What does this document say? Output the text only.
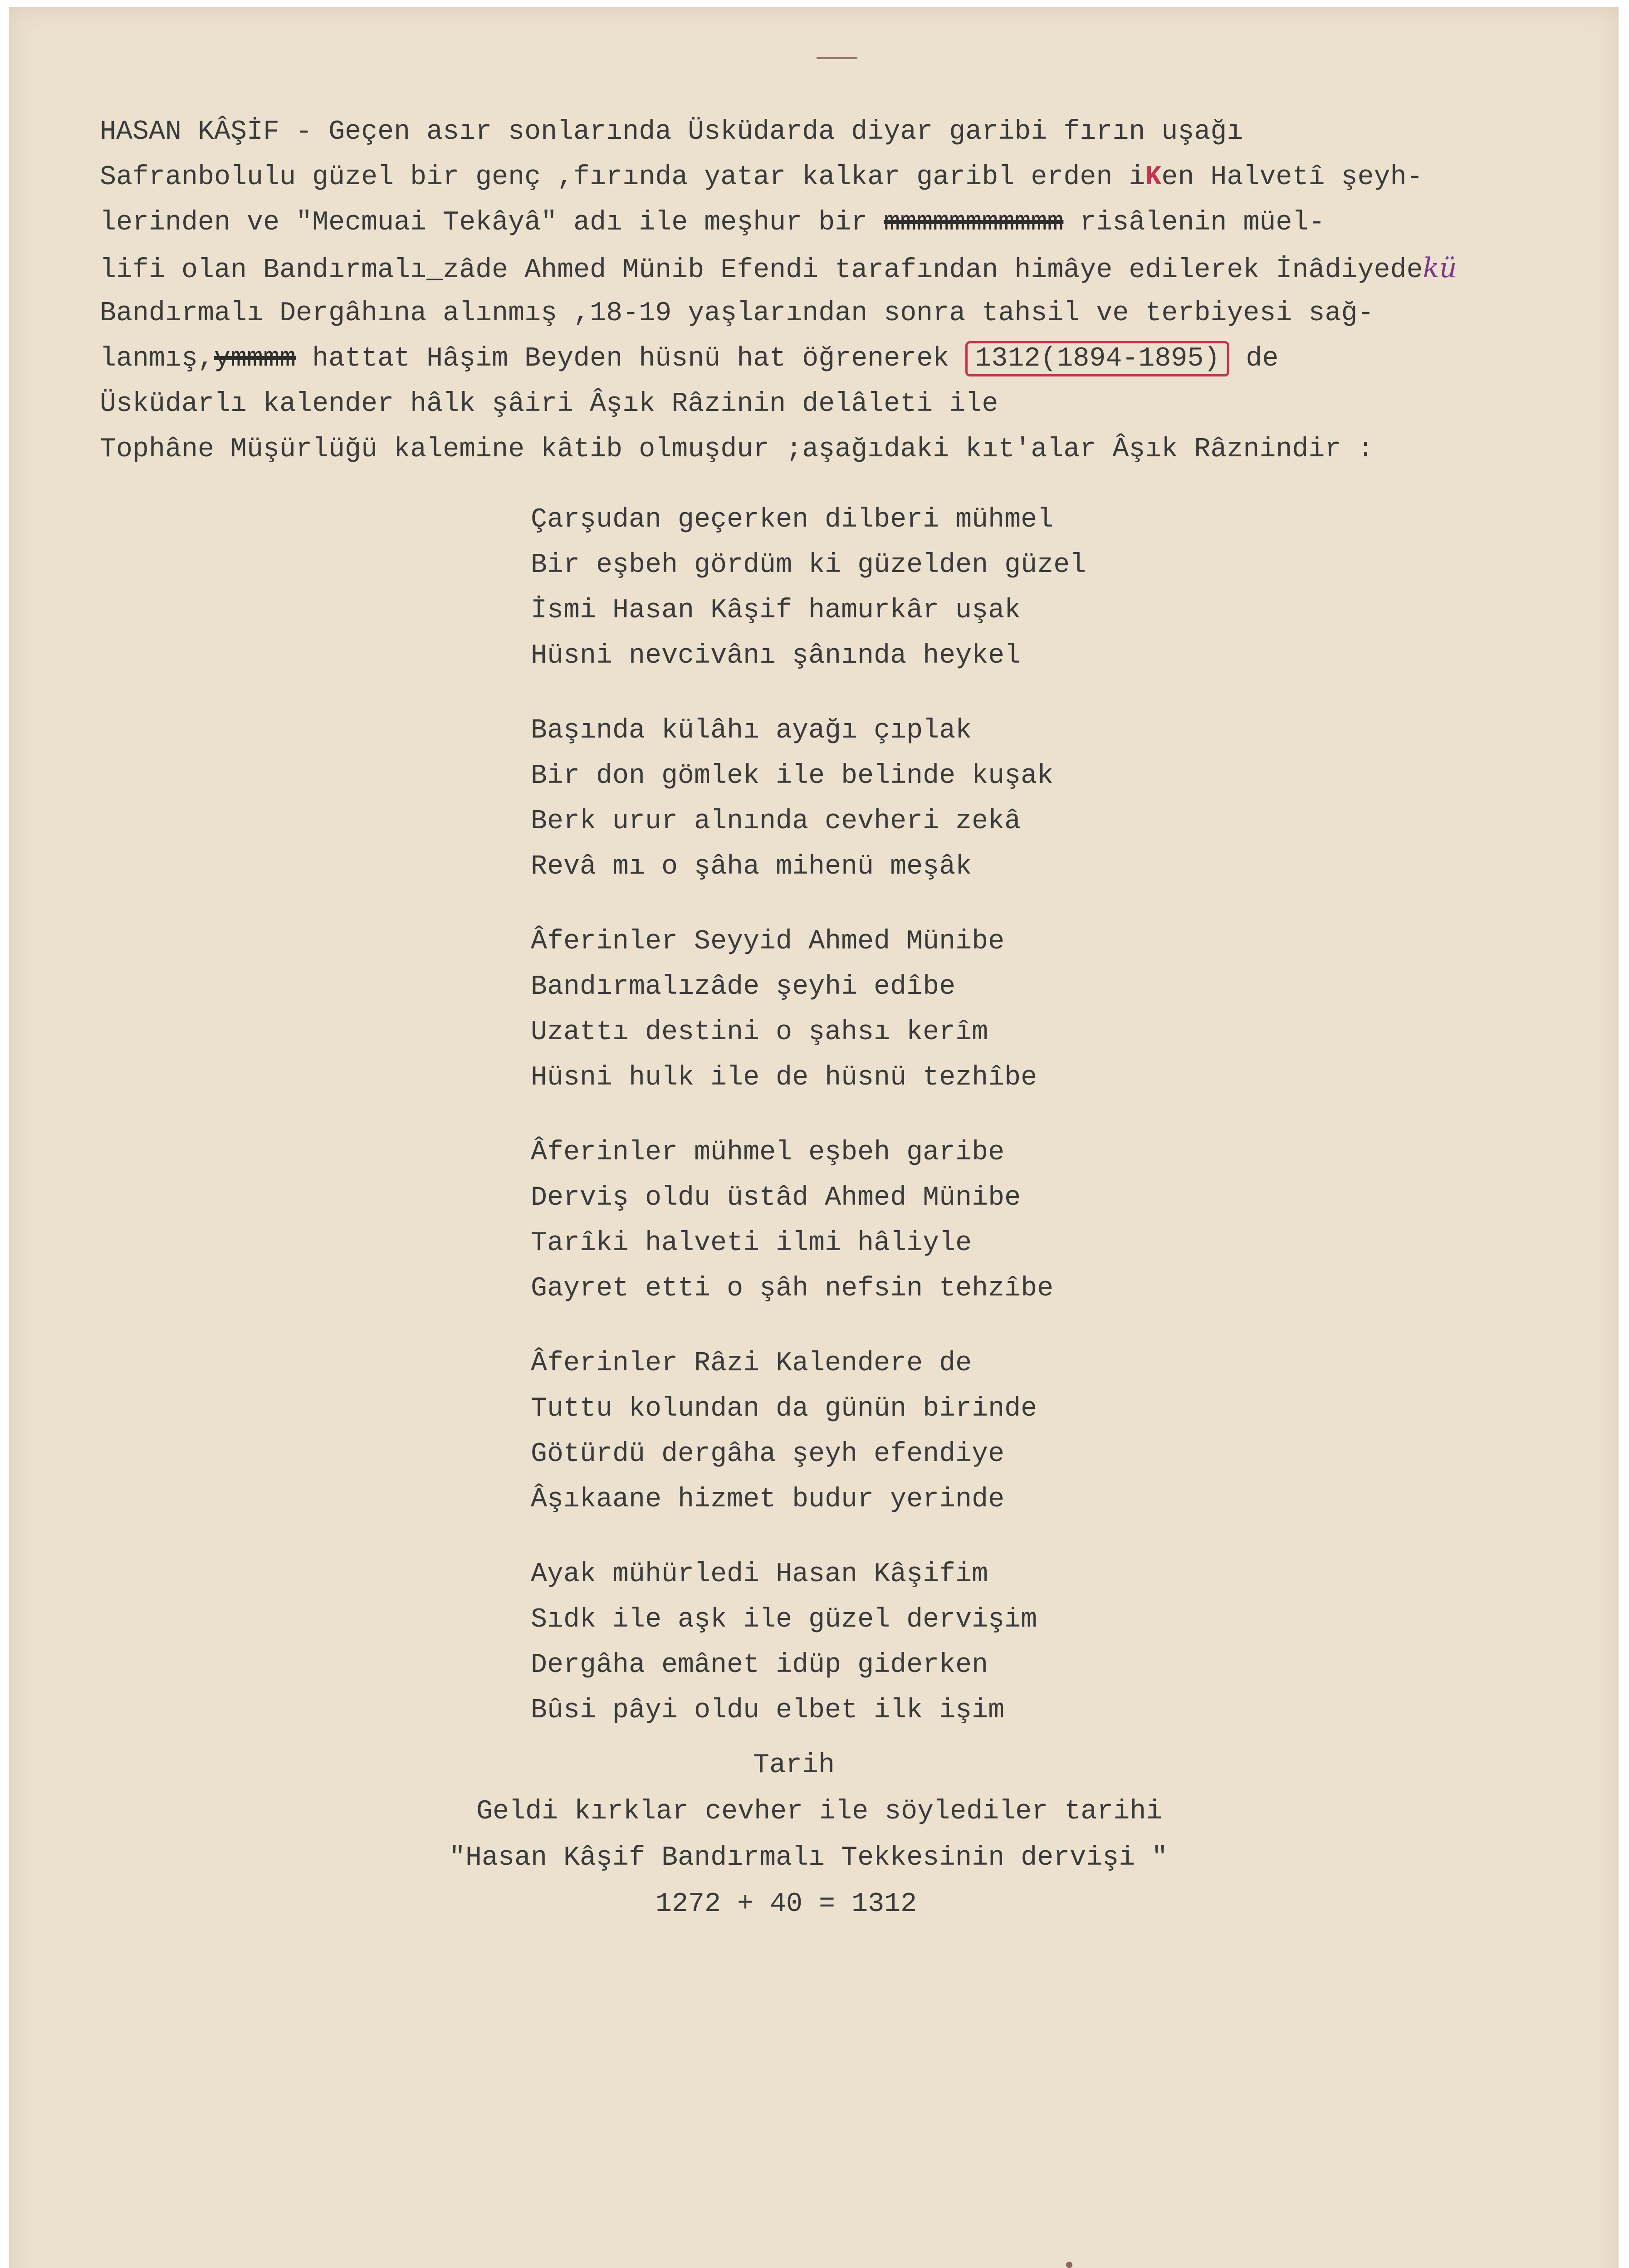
HASAN KÂŞİF - Geçen asır sonlarında Üsküdarda diyar garibi fırın uşağı
Safranbolulu güzel bir genç ,fırında yatar kalkar garibl erden iKen Halvetî şeyh-
lerinden ve "Mecmuai Tekâyâ" adı ile meşhur bir mmmmmmmmmmm risâlenin müel-
lifi olan Bandırmalı_zâde Ahmed Münib Efendi tarafından himâye edilerek İnâdiyedekü
Bandırmalı Dergâhına alınmış ,18-19 yaşlarından sonra tahsil ve terbiyesi sağ-
lanmış,ymmmm hattat Hâşim Beyden hüsnü hat öğrenerek 1312(1894-1895) de
Üsküdarlı kalender hâlk şâiri Âşık Râzinin delâleti ile
Tophâne Müşürlüğü kalemine kâtib olmuşdur ;aşağıdaki kıt'alar Âşık Râznindir :
Çarşudan geçerken dilberi mühmel
Bir eşbeh gördüm ki güzelden güzel
İsmi Hasan Kâşif hamurkâr uşak
Hüsni nevcivânı şânında heykel
Başında külâhı ayağı çıplak
Bir don gömlek ile belinde kuşak
Berk urur alnında cevheri zekâ
Revâ mı o şâha mihenü meşâk
Âferinler Seyyid Ahmed Münibe
Bandırmalızâde şeyhi edîbe
Uzattı destini o şahsı kerîm
Hüsni hulk ile de hüsnü tezhîbe
Âferinler mühmel eşbeh garibe
Derviş oldu üstâd Ahmed Münibe
Tarîki halveti ilmi hâliyle
Gayret etti o şâh nefsin tehzîbe
Âferinler Râzi Kalendere de
Tuttu kolundan da günün birinde
Götürdü dergâha şeyh efendiye
Âşıkaane hizmet budur yerinde
Ayak mühürledi Hasan Kâşifim
Sıdk ile aşk ile güzel dervişim
Dergâha emânet idüp giderken
Bûsi pâyi oldu elbet ilk işim
Tarih
Geldi kırklar cevher ile söylediler tarihi
"Hasan Kâşif Bandırmalı Tekkesinin dervişi "
1272 + 40 = 1312
